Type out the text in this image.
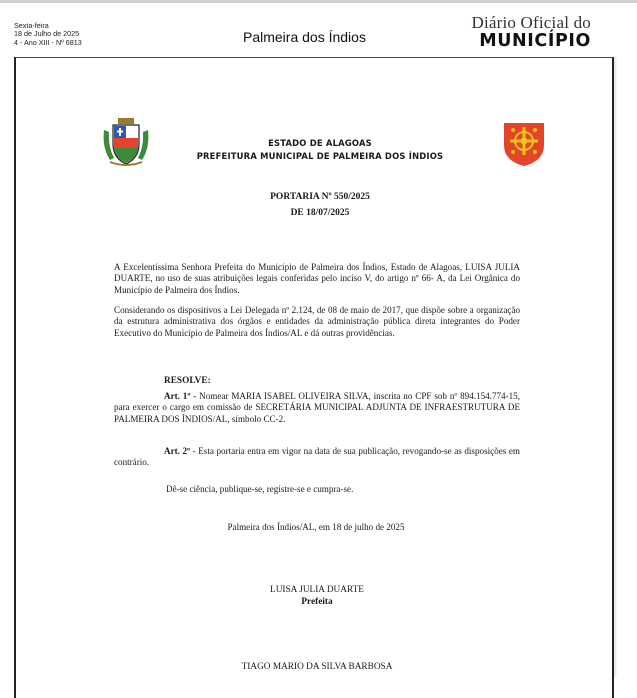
Sexta-feira
18 de Julho de 2025
4 - Ano XIII - Nº 6813	Palmeira dos Índios
Diário Oficial do
MUNICÍPIO
ESTADO DE ALAGOAS
PREFEITURA MUNICIPAL DE PALMEIRA DOS ÍNDIOS
PORTARIA Nº 550/2025
DE 18/07/2025
A Excelentíssima Senhora Prefeita do Município de Palmeira dos Índios, Estado de Alagoas, LUISA JULIA DUARTE, no uso de suas atribuições legais conferidas pelo inciso V, do artigo nº 66- A, da Lei Orgânica do Município de Palmeira dos Índios.
Considerando os dispositivos a Lei Delegada nº 2.124, de 08 de maio de 2017, que dispõe sobre a organização da estrutura administrativa dos órgãos e entidades da administração pública direta integrantes do Poder Executivo do Município de Palmeira dos Índios/AL e dá outras providências.
RESOLVE:
Art. 1º - Nomear MARIA ISABEL OLIVEIRA SILVA, inscrita no CPF sob nº 894.154.774-15, para exercer o cargo em comissão de SECRETÁRIA MUNICIPAL ADJUNTA DE INFRAESTRUTURA DE PALMEIRA DOS ÍNDIOS/AL, símbolo CC-2.
Art. 2º - Esta portaria entra em vigor na data de sua publicação, revogando-se as disposições em contrário.
Dê-se ciência, publique-se, registre-se e cumpra-se.
Palmeira dos Índios/AL, em 18 de julho de 2025
LUISA JULIA DUARTE
Prefeita
TIAGO MARIO DA SILVA BARBOSA
